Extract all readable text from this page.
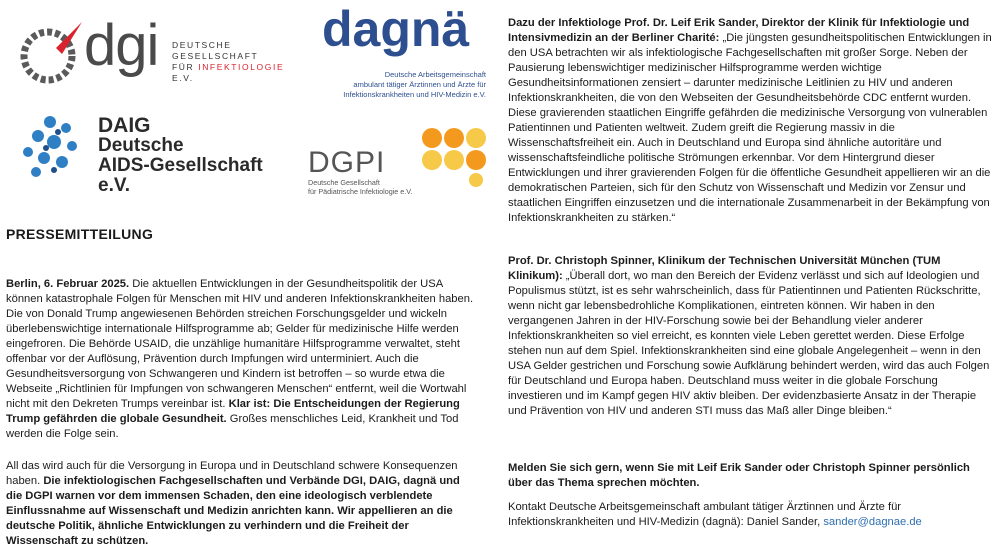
dgi DEUTSCHE
GESELLSCHAFT
FÜR INFEKTIOLOGIE E.V.
dagnä
Deutsche Arbeitsgemeinschaft
ambulant tätiger Ärztinnen und Ärzte für
Infektionskrankheiten und HIV-Medizin e.V.
DAIG
Deutsche
AIDS-Gesellschaft e.V.
DGPI
Deutsche Gesellschaft
für Pädiatrische Infektiologie e.V.
PRESSEMITTEILUNG
Berlin, 6. Februar 2025. Die aktuellen Entwicklungen in der Gesundheitspolitik der USA können katastrophale Folgen für Menschen mit HIV und anderen Infektionskrankheiten haben. Die von Donald Trump angewiesenen Behörden streichen Forschungsgelder und wickeln überlebenswichtige internationale Hilfsprogramme ab; Gelder für medizinische Hilfe werden eingefroren. Die Behörde USAID, die unzählige humanitäre Hilfsprogramme verwaltet, steht offenbar vor der Auflösung, Prävention durch Impfungen wird unterminiert. Auch die Gesundheitsversorgung von Schwangeren und Kindern ist betroffen – so wurde etwa die Webseite „Richtlinien für Impfungen von schwangeren Menschen“ entfernt, weil die Wortwahl nicht mit den Dekreten Trumps vereinbar ist. Klar ist: Die Entscheidungen der Regierung Trump gefährden die globale Gesundheit. Großes menschliches Leid, Krankheit und Tod werden die Folge sein.
All das wird auch für die Versorgung in Europa und in Deutschland schwere Konsequenzen haben. Die infektiologischen Fachgesellschaften und Verbände DGI, DAIG, dagnä und die DGPI warnen vor dem immensen Schaden, den eine ideologisch verblendete Einflussnahme auf Wissenschaft und Medizin anrichten kann. Wir appellieren an die deutsche Politik, ähnliche Entwicklungen zu verhindern und die Freiheit der Wissenschaft zu schützen.
Dazu der Infektiologe Prof. Dr. Leif Erik Sander, Direktor der Klinik für Infektiologie und Intensivmedizin an der Berliner Charité: „Die jüngsten gesundheitspolitischen Entwicklungen in den USA betrachten wir als infektiologische Fachgesellschaften mit großer Sorge. Neben der Pausierung lebenswichtiger medizinischer Hilfsprogramme werden wichtige Gesundheitsinformationen zensiert – darunter medizinische Leitlinien zu HIV und anderen Infektionskrankheiten, die von den Webseiten der Gesundheitsbehörde CDC entfernt wurden. Diese gravierenden staatlichen Eingriffe gefährden die medizinische Versorgung von vulnerablen Patientinnen und Patienten weltweit. Zudem greift die Regierung massiv in die Wissenschaftsfreiheit ein. Auch in Deutschland und Europa sind ähnliche autoritäre und wissenschaftsfeindliche politische Strömungen erkennbar. Vor dem Hintergrund dieser Entwicklungen und ihrer gravierenden Folgen für die öffentliche Gesundheit appellieren wir an die demokratischen Parteien, sich für den Schutz von Wissenschaft und Medizin vor Zensur und staatlichen Eingriffen einzusetzen und die internationale Zusammenarbeit in der Bekämpfung von Infektionskrankheiten zu stärken.“
Prof. Dr. Christoph Spinner, Klinikum der Technischen Universität München (TUM Klinikum): „Überall dort, wo man den Bereich der Evidenz verlässt und sich auf Ideologien und Populismus stützt, ist es sehr wahrscheinlich, dass für Patientinnen und Patienten Rückschritte, wenn nicht gar lebensbedrohliche Komplikationen, eintreten können. Wir haben in den vergangenen Jahren in der HIV-Forschung sowie bei der Behandlung vieler anderer Infektionskrankheiten so viel erreicht, es konnten viele Leben gerettet werden. Diese Erfolge stehen nun auf dem Spiel. Infektionskrankheiten sind eine globale Angelegenheit – wenn in den USA Gelder gestrichen und Forschung sowie Aufklärung behindert werden, wird das auch Folgen für Deutschland und Europa haben. Deutschland muss weiter in die globale Forschung investieren und im Kampf gegen HIV aktiv bleiben. Der evidenzbasierte Ansatz in der Therapie und Prävention von HIV und anderen STI muss das Maß aller Dinge bleiben.“
Melden Sie sich gern, wenn Sie mit Leif Erik Sander oder Christoph Spinner persönlich über das Thema sprechen möchten.
Kontakt Deutsche Arbeitsgemeinschaft ambulant tätiger Ärztinnen und Ärzte für Infektionskrankheiten und HIV-Medizin (dagnä): Daniel Sander, sander@dagnae.de
